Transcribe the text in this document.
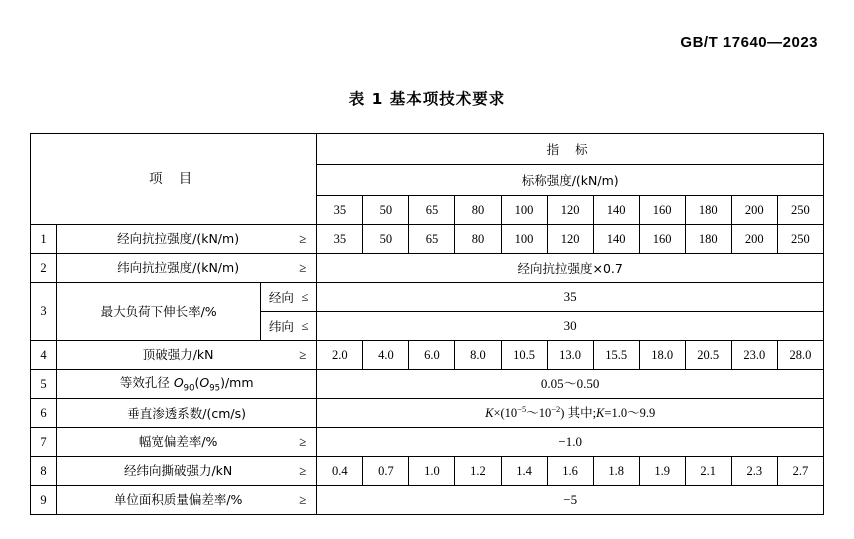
GB/T 17640—2023
表 1 基本项技术要求
项 目			指 标										
			标称强度/(kN/m)										
			35	50	65	80	100	120	140	160	180	200	250
1	经向抗拉强度/(kN/m) ≥		35	50	65	80	100	120	140	160	180	200	250
2	纬向抗拉强度/(kN/m) ≥		经向抗拉强度×0.7										
3	最大负荷下伸长率/%	经向 ≤	35										
		纬向 ≤	30										
4	顶破强力/kN ≥		2.0	4.0	6.0	8.0	10.5	13.0	15.5	18.0	20.5	23.0	28.0
5	等效孔径 $O_{90}(O_{95})/mm$		0.05～0.50										
6	垂直渗透系数/(cm/s)		$K\times(10^{-5}\sim 10^{-2})$ 其中;K=1.0～9.9										
7	幅宽偏差率/% ≥		−1.0										
8	经纬向撕破强力/kN ≥		0.4	0.7	1.0	1.2	1.4	1.6	1.8	1.9	2.1	2.3	2.7
9	单位面积质量偏差率/% ≥		−5										
